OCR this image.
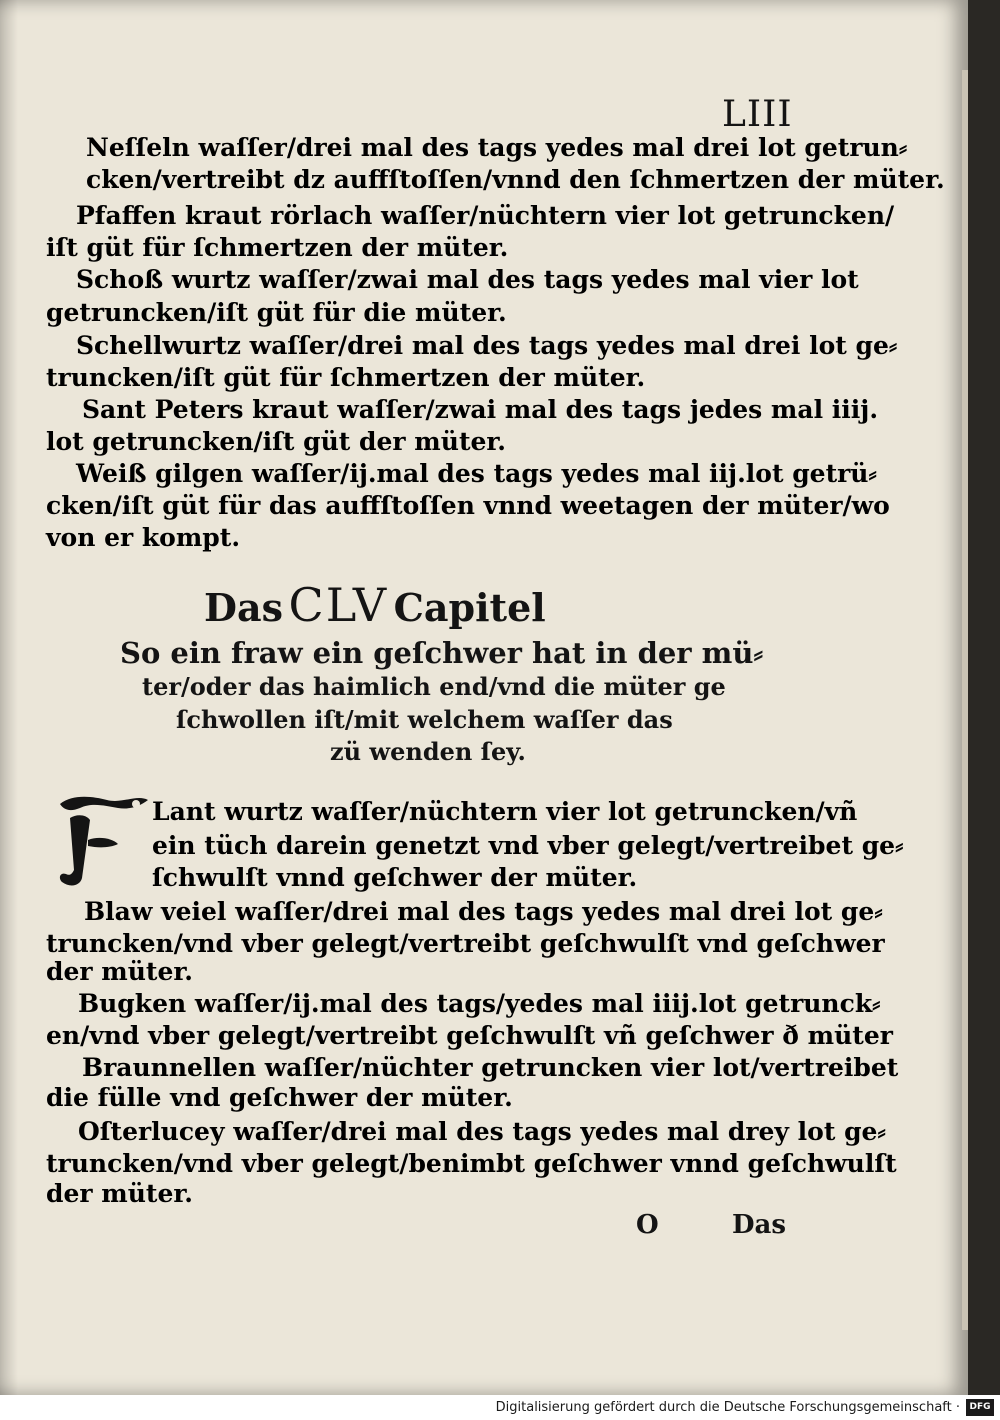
LIII
Neſſeln waſſer/drei mal des tags yedes mal drei lot getrun⸗
cken/vertreibt dz auffſtoſſen/vnnd den ſchmertzen der müter.
Pfaffen kraut rörlach waſſer/nüchtern vier lot getruncken/
iſt güt für ſchmertzen der müter.
Schoß wurtz waſſer/zwai mal des tags yedes mal vier lot
getruncken/iſt güt für die müter.
Schellwurtz waſſer/drei mal des tags yedes mal drei lot ge⸗
truncken/iſt güt für ſchmertzen der müter.
Sant Peters kraut waſſer/zwai mal des tags jedes mal iiij.
lot getruncken/iſt güt der müter.
Weiß gilgen waſſer/ij.mal des tags yedes mal iij.lot getrü⸗
cken/iſt güt für das auffſtoſſen vnnd weetagen der müter/wo
von er kompt.
Das CLV Capitel
So ein fraw ein geſchwer hat in der mü⸗
ter/oder das haimlich end/vnd die müter ge
ſchwollen iſt/mit welchem waſſer das
zü wenden ſey.
Lant wurtz waſſer/nüchtern vier lot getruncken/vñ
ein tüch darein genetzt vnd vber gelegt/vertreibet ge⸗
ſchwulſt vnnd geſchwer der müter.
Blaw veiel waſſer/drei mal des tags yedes mal drei lot ge⸗
truncken/vnd vber gelegt/vertreibt geſchwulſt vnd geſchwer
der müter.
Bugken waſſer/ij.mal des tags/yedes mal iiij.lot getrunck⸗
en/vnd vber gelegt/vertreibt geſchwulſt vñ geſchwer ð müter
Braunnellen waſſer/nüchter getruncken vier lot/vertreibet
die fülle vnd geſchwer der müter.
Oſterlucey waſſer/drei mal des tags yedes mal drey lot ge⸗
truncken/vnd vber gelegt/benimbt geſchwer vnnd geſchwulſt
der müter.
O	Das
Digitalisierung gefördert durch die Deutsche Forschungsgemeinschaft ·	DFG
